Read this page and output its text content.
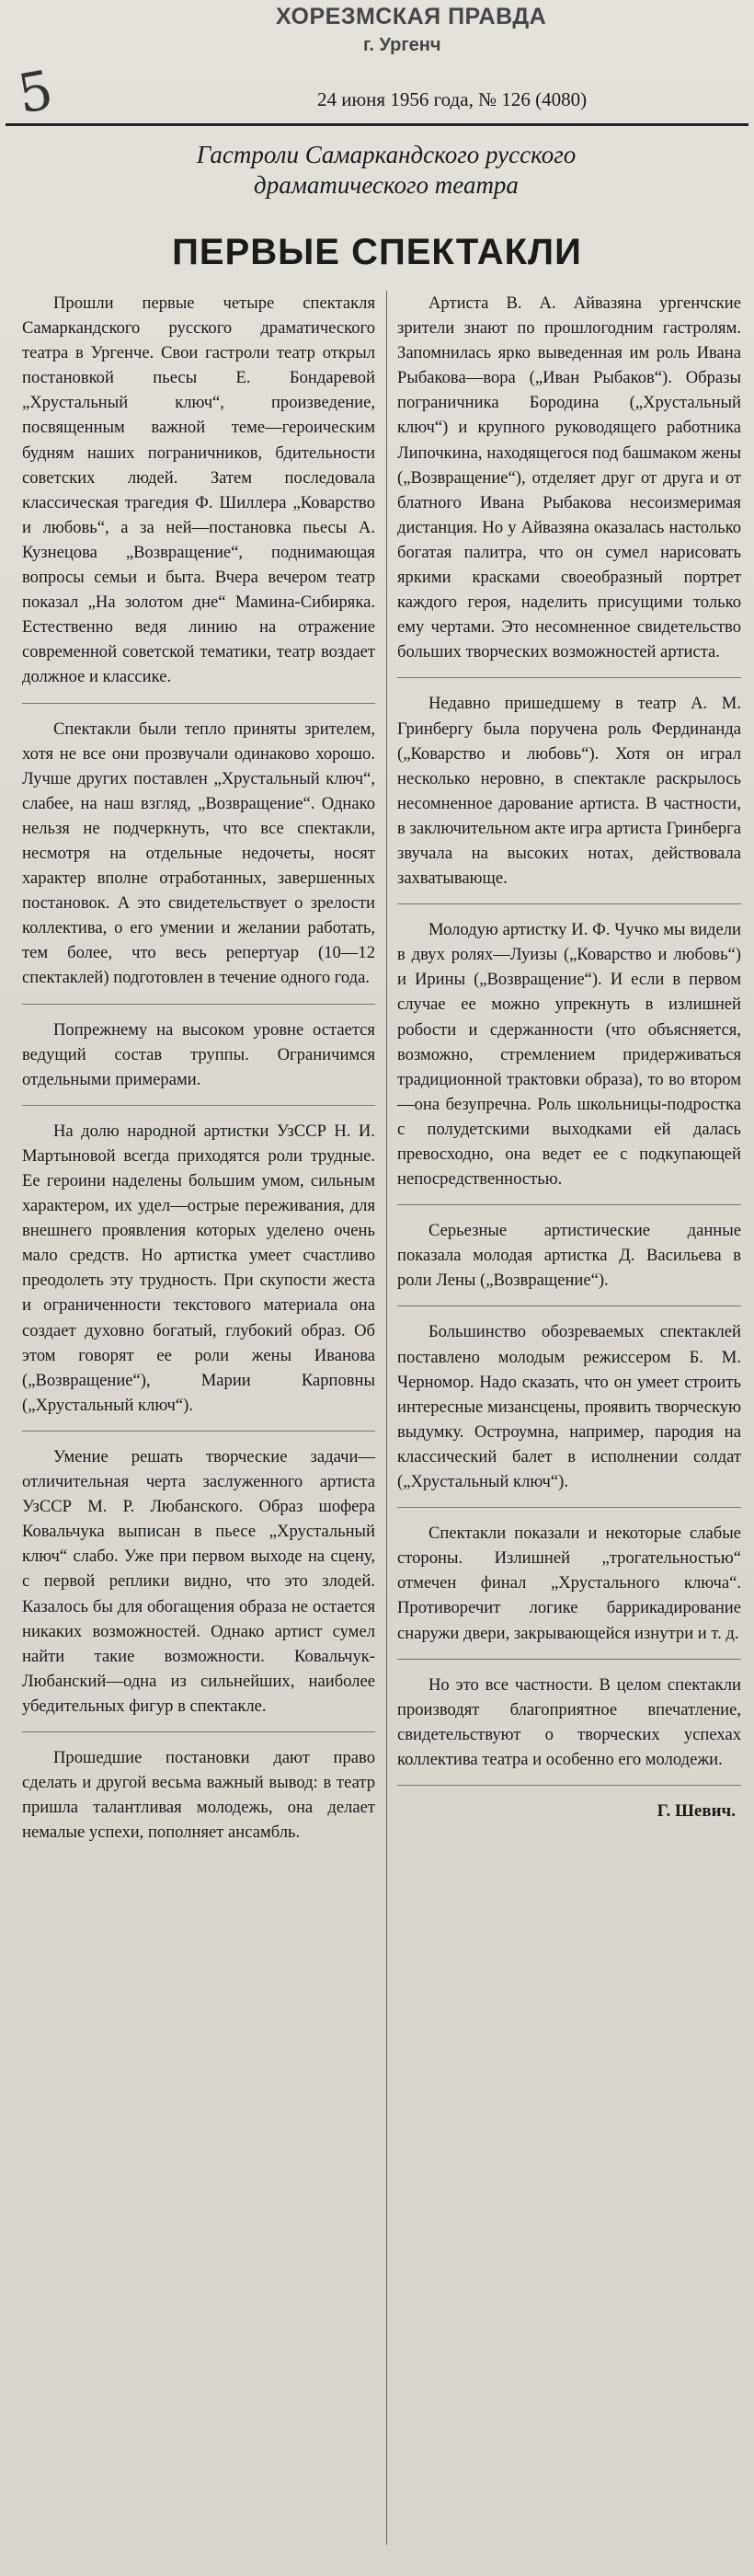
ХОРЕЗМСКАЯ ПРАВДА
г. Ургенч
5	24 июня 1956 года, № 126 (4080)
Гастроли Самаркандского русского драматического театра
ПЕРВЫЕ СПЕКТАКЛИ

Прошли первые четыре спектакля Самаркандского русского драматического театра в Ургенче. Свои гастроли театр открыл постановкой пьесы Е. Бондаревой „Хрустальный ключ“, произведение, посвященным важной теме—героическим будням наших пограничников, бдительности советских людей. Затем последовала классическая трагедия Ф. Шиллера „Коварство и любовь“, а за ней—постановка пьесы А. Кузнецова „Возвращение“, поднимающая вопросы семьи и быта. Вчера вечером театр показал „На золотом дне“ Мамина-Сибиряка. Естественно ведя линию на отражение современной советской тематики, театр воздает должное и классике.

Спектакли были тепло приняты зрителем, хотя не все они прозвучали одинаково хорошо. Лучше других поставлен „Хрустальный ключ“, слабее, на наш взгляд, „Возвращение“. Однако нельзя не подчеркнуть, что все спектакли, несмотря на отдельные недочеты, носят характер вполне отработанных, завершенных постановок. А это свидетельствует о зрелости коллектива, о его умении и желании работать, тем более, что весь репертуар (10—12 спектаклей) подготовлен в течение одного года.

Попрежнему на высоком уровне остается ведущий состав труппы. Ограничимся отдельными примерами.

На долю народной артистки УзССР Н. И. Мартыновой всегда приходятся роли трудные. Ее героини наделены большим умом, сильным характером, их удел—острые переживания, для внешнего проявления которых уделено очень мало средств. Но артистка умеет счастливо преодолеть эту трудность. При скупости жеста и ограниченности текстового материала она создает духовно богатый, глубокий образ. Об этом говорят ее роли жены Иванова („Возвращение“), Марии Карповны („Хрустальный ключ“).

Умение решать творческие задачи—отличительная черта заслуженного артиста УзССР М. Р. Любанского. Образ шофера Ковальчука выписан в пьесе „Хрустальный ключ“ слабо. Уже при первом выходе на сцену, с первой реплики видно, что это злодей. Казалось бы для обогащения образа не остается никаких возможностей. Однако артист сумел найти такие возможности. Ковальчук-Любанский—одна из сильнейших, наиболее убедительных фигур в спектакле.

Прошедшие постановки дают право сделать и другой весьма важный вывод: в театр пришла талантливая молодежь, она делает немалые успехи, пополняет ансамбль.

Артиста В. А. Айвазяна ургенчские зрители знают по прошлогодним гастролям. Запомнилась ярко выведенная им роль Ивана Рыбакова—вора („Иван Рыбаков“). Образы пограничника Бородина („Хрустальный ключ“) и крупного руководящего работника Липочкина, находящегося под башмаком жены („Возвращение“), отделяет друг от друга и от блатного Ивана Рыбакова несоизмеримая дистанция. Но у Айвазяна оказалась настолько богатая палитра, что он сумел нарисовать яркими красками своеобразный портрет каждого героя, наделить присущими только ему чертами. Это несомненное свидетельство больших творческих возможностей артиста.

Недавно пришедшему в театр А. М. Гринбергу была поручена роль Фердинанда („Коварство и любовь“). Хотя он играл несколько неровно, в спектакле раскрылось несомненное дарование артиста. В частности, в заключительном акте игра артиста Гринберга звучала на высоких нотах, действовала захватывающе.

Молодую артистку И. Ф. Чучко мы видели в двух ролях—Луизы („Коварство и любовь“) и Ирины („Возвращение“). И если в первом случае ее можно упрекнуть в излишней робости и сдержанности (что объясняется, возможно, стремлением придерживаться традиционной трактовки образа), то во втором—она безупречна. Роль школьницы-подростка с полудетскими выходками ей далась превосходно, она ведет ее с подкупающей непосредственностью.

Серьезные артистические данные показала молодая артистка Д. Васильева в роли Лены („Возвращение“).

Большинство обозреваемых спектаклей поставлено молодым режиссером Б. М. Черномор. Надо сказать, что он умеет строить интересные мизансцены, проявить творческую выдумку. Остроумна, например, пародия на классический балет в исполнении солдат („Хрустальный ключ“).

Спектакли показали и некоторые слабые стороны. Излишней „трогательностью“ отмечен финал „Хрустального ключа“. Противоречит логике баррикадирование снаружи двери, закрывающейся изнутри и т. д.

Но это все частности. В целом спектакли производят благоприятное впечатление, свидетельствуют о творческих успехах коллектива театра и особенно его молодежи.

Г. Шевич.
